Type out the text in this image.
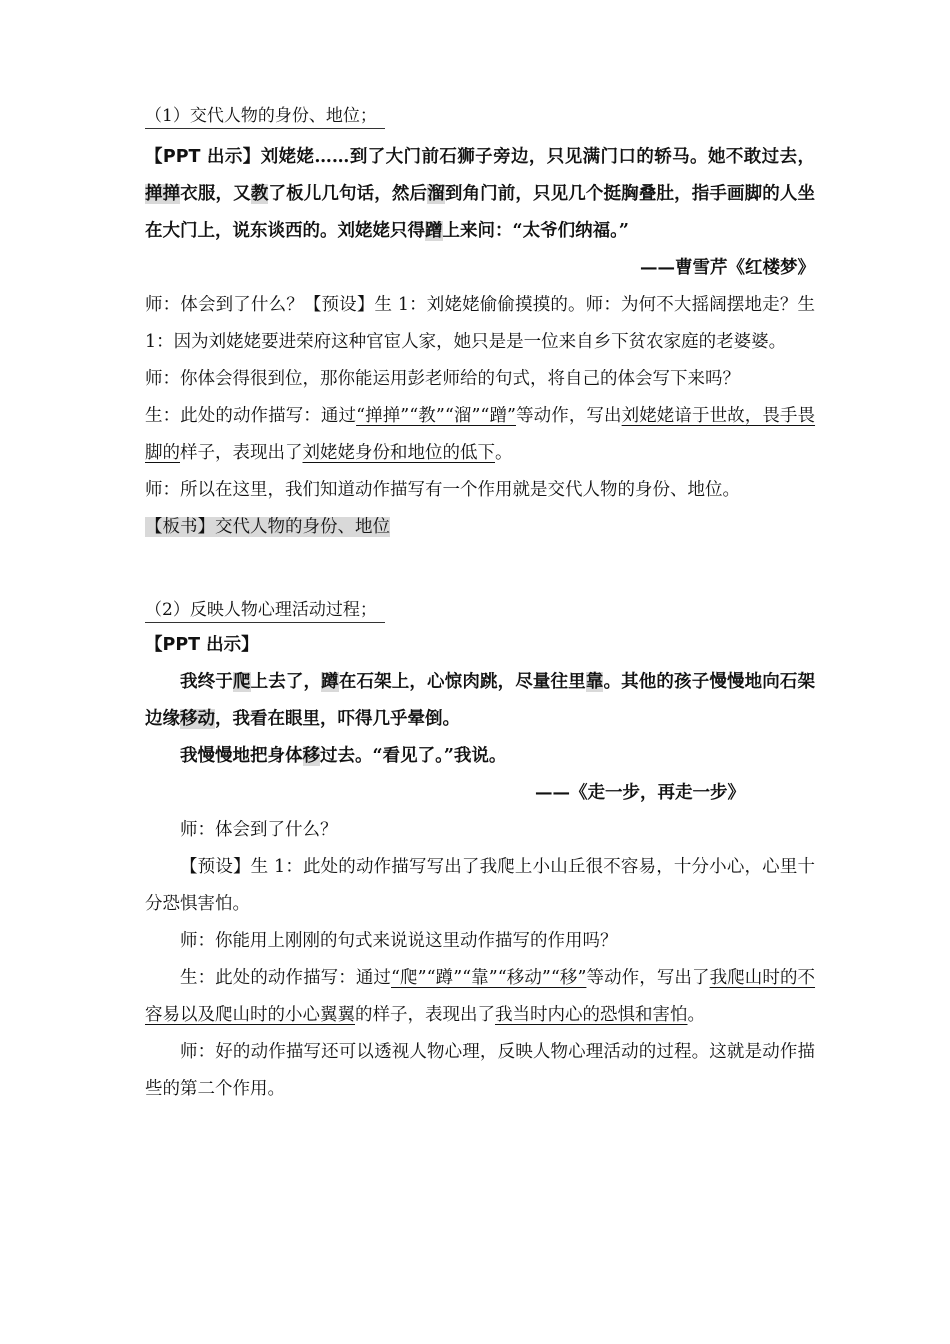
（1）交代人物的身份、地位；

【PPT 出示】刘姥姥……到了大门前石狮子旁边，只见满门口的轿马。她不敢过去，掸掸衣服，又教了板儿几句话，然后溜到角门前，只见几个挺胸叠肚，指手画脚的人坐在大门上，说东谈西的。刘姥姥只得蹭上来问：“太爷们纳福。”

——曹雪芹《红楼梦》

师：体会到了什么？【预设】生 1：刘姥姥偷偷摸摸的。师：为何不大摇阔摆地走？生 1：因为刘姥姥要进荣府这种官宦人家，她只是是一位来自乡下贫农家庭的老婆婆。

师：你体会得很到位，那你能运用彭老师给的句式，将自己的体会写下来吗？

生：此处的动作描写：通过“掸掸”“教”“溜”“蹭”等动作，写出刘姥姥谙于世故，畏手畏脚的样子，表现出了刘姥姥身份和地位的低下。

师：所以在这里，我们知道动作描写有一个作用就是交代人物的身份、地位。

【板书】交代人物的身份、地位

（2）反映人物心理活动过程；

【PPT 出示】

我终于爬上去了，蹲在石架上，心惊肉跳，尽量往里靠。其他的孩子慢慢地向石架边缘移动，我看在眼里，吓得几乎晕倒。

我慢慢地把身体移过去。“看见了。”我说。

——《走一步，再走一步》

师：体会到了什么？

【预设】生 1：此处的动作描写写出了我爬上小山丘很不容易，十分小心，心里十分恐惧害怕。

师：你能用上刚刚的句式来说说这里动作描写的作用吗？

生：此处的动作描写：通过“爬”“蹲”“靠”“移动”“移”等动作，写出了我爬山时的不容易以及爬山时的小心翼翼的样子，表现出了我当时内心的恐惧和害怕。

师：好的动作描写还可以透视人物心理，反映人物心理活动的过程。这就是动作描些的第二个作用。
